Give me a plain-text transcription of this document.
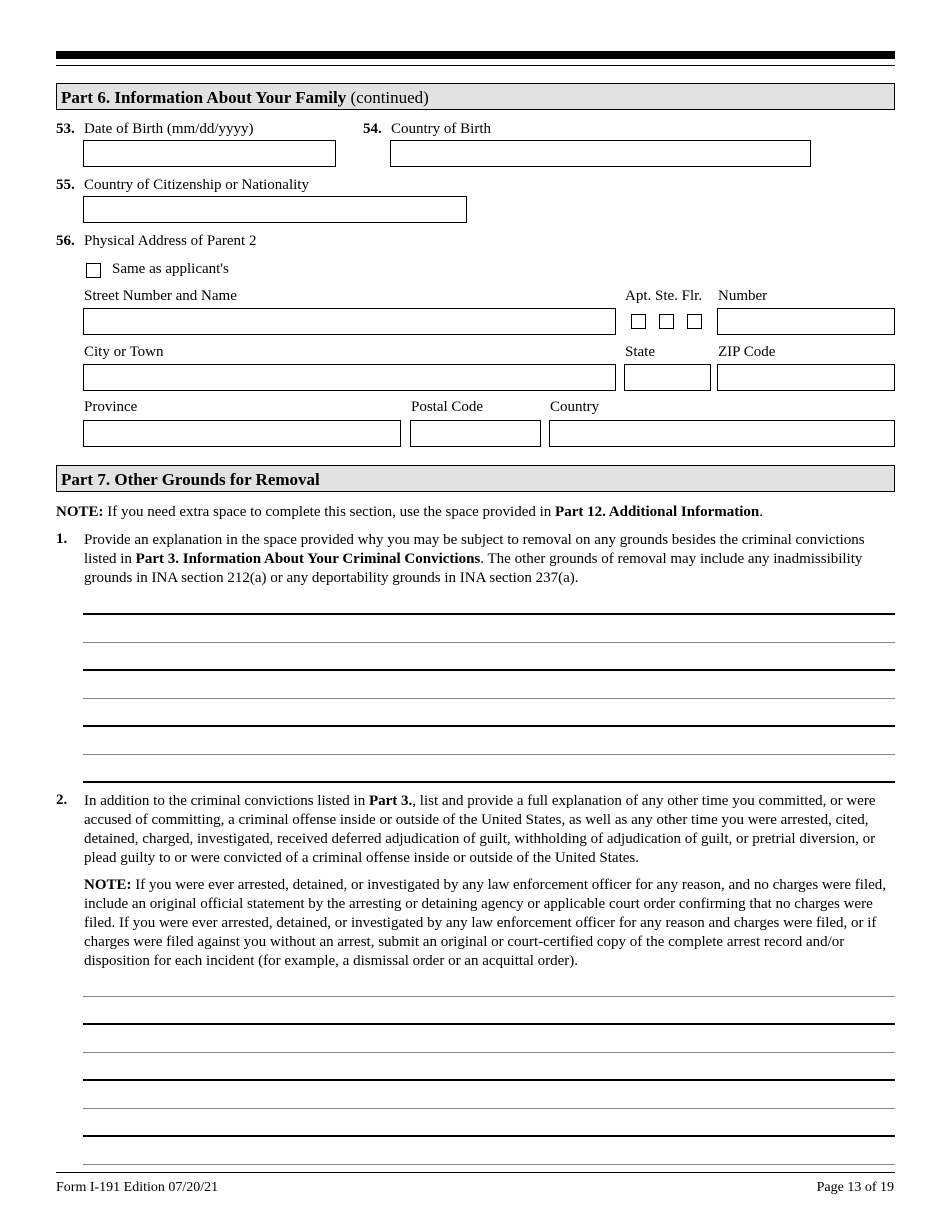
Part 6. Information About Your Family (continued)
53. Date of Birth (mm/dd/yyyy)	54. Country of Birth
55. Country of Citizenship or Nationality
56. Physical Address of Parent 2
Same as applicant's
Street Number and Name	Apt. Ste. Flr. Number
City or Town	State	ZIP Code
Province	Postal Code	Country
Part 7. Other Grounds for Removal
NOTE: If you need extra space to complete this section, use the space provided in Part 12. Additional Information.
1. Provide an explanation in the space provided why you may be subject to removal on any grounds besides the criminal convictions listed in Part 3. Information About Your Criminal Convictions. The other grounds of removal may include any inadmissibility grounds in INA section 212(a) or any deportability grounds in INA section 237(a).
2. In addition to the criminal convictions listed in Part 3., list and provide a full explanation of any other time you committed, or were accused of committing, a criminal offense inside or outside of the United States, as well as any other time you were arrested, cited, detained, charged, investigated, received deferred adjudication of guilt, withholding of adjudication of guilt, or pretrial diversion, or plead guilty to or were convicted of a criminal offense inside or outside of the United States.
NOTE: If you were ever arrested, detained, or investigated by any law enforcement officer for any reason, and no charges were filed, include an original official statement by the arresting or detaining agency or applicable court order confirming that no charges were filed. If you were ever arrested, detained, or investigated by any law enforcement officer for any reason and charges were filed, or if charges were filed against you without an arrest, submit an original or court-certified copy of the complete arrest record and/or disposition for each incident (for example, a dismissal order or an acquittal order).
Form I-191 Edition 07/20/21	Page 13 of 19
